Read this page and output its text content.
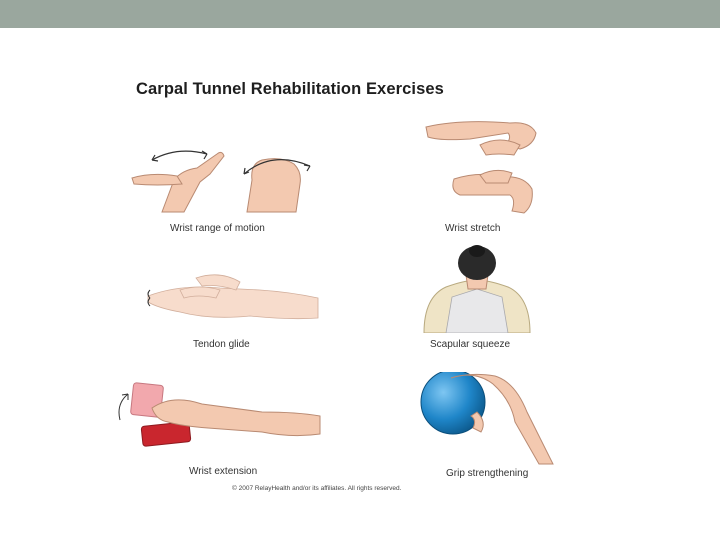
Carpal Tunnel Rehabilitation Exercises
Wrist range of motion	Wrist stretch
Tendon glide	Scapular squeeze
Wrist extension	Grip strengthening
© 2007 RelayHealth and/or its affiliates. All rights reserved.
